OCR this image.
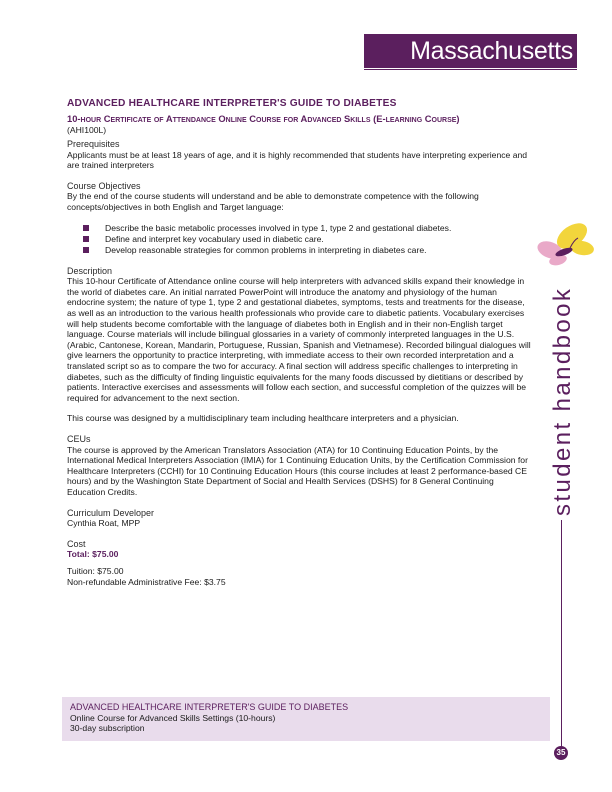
Massachusetts
ADVANCED HEALTHCARE INTERPRETER'S GUIDE TO DIABETES
10-hour Certificate of Attendance Online Course for Advanced Skills (E-learning Course)
(AHI100L)
Prerequisites

Applicants must be at least 18 years of age, and it is highly recommended that students have interpreting experience and are trained interpreters

Course Objectives

By the end of the course students will understand and be able to demonstrate competence with the following concepts/objectives in both English and Target language:

Describe the basic metabolic processes involved in type 1, type 2 and gestational diabetes.
Define and interpret key vocabulary used in diabetic care.
Develop reasonable strategies for common problems in interpreting in diabetes care.
Description

This 10-hour Certificate of Attendance online course will help interpreters with advanced skills expand their knowledge in the world of diabetes care. An initial narrated PowerPoint will introduce the anatomy and physiology of the human endocrine system; the nature of type 1, type 2 and gestational diabetes, symptoms, tests and treatments for the disease, as well as an introduction to the various health professionals who provide care to diabetic patients. Vocabulary exercises will help students become comfortable with the language of diabetes both in English and in their non-English target language. Course materials will include bilingual glossaries in a variety of commonly interpreted languages in the U.S. (Arabic, Cantonese, Korean, Mandarin, Portuguese, Russian, Spanish and Vietnamese). Recorded bilingual dialogues will give learners the opportunity to practice interpreting, with immediate access to their own recorded interpretation and a translated script so as to compare the two for accuracy. A final section will address specific challenges to interpreting in diabetes, such as the difficulty of finding linguistic equivalents for the many foods discussed by dietitians or described by patients. Interactive exercises and assessments will follow each section, and successful completion of the quizzes will be required for advancement to the next section.

This course was designed by a multidisciplinary team including healthcare interpreters and a physician.

CEUs

The course is approved by the American Translators Association (ATA) for 10 Continuing Education Points, by the International Medical Interpreters Association (IMIA) for 1 Continuing Education Units, by the Certification Commission for Healthcare Interpreters (CCHI) for 10 Continuing Education Hours (this course includes at least 2 performance-based CE hours) and by the Washington State Department of Social and Health Services (DSHS) for 8 General Continuing Education Credits.

Curriculum Developer

Cynthia Roat, MPP

Cost

Total: $75.00

Tuition: $75.00

Non-refundable Administrative Fee: $3.75

ADVANCED HEALTHCARE INTERPRETER'S GUIDE TO DIABETES
Online Course for Advanced Skills Settings (10-hours)
30-day subscription
student handbook
35
